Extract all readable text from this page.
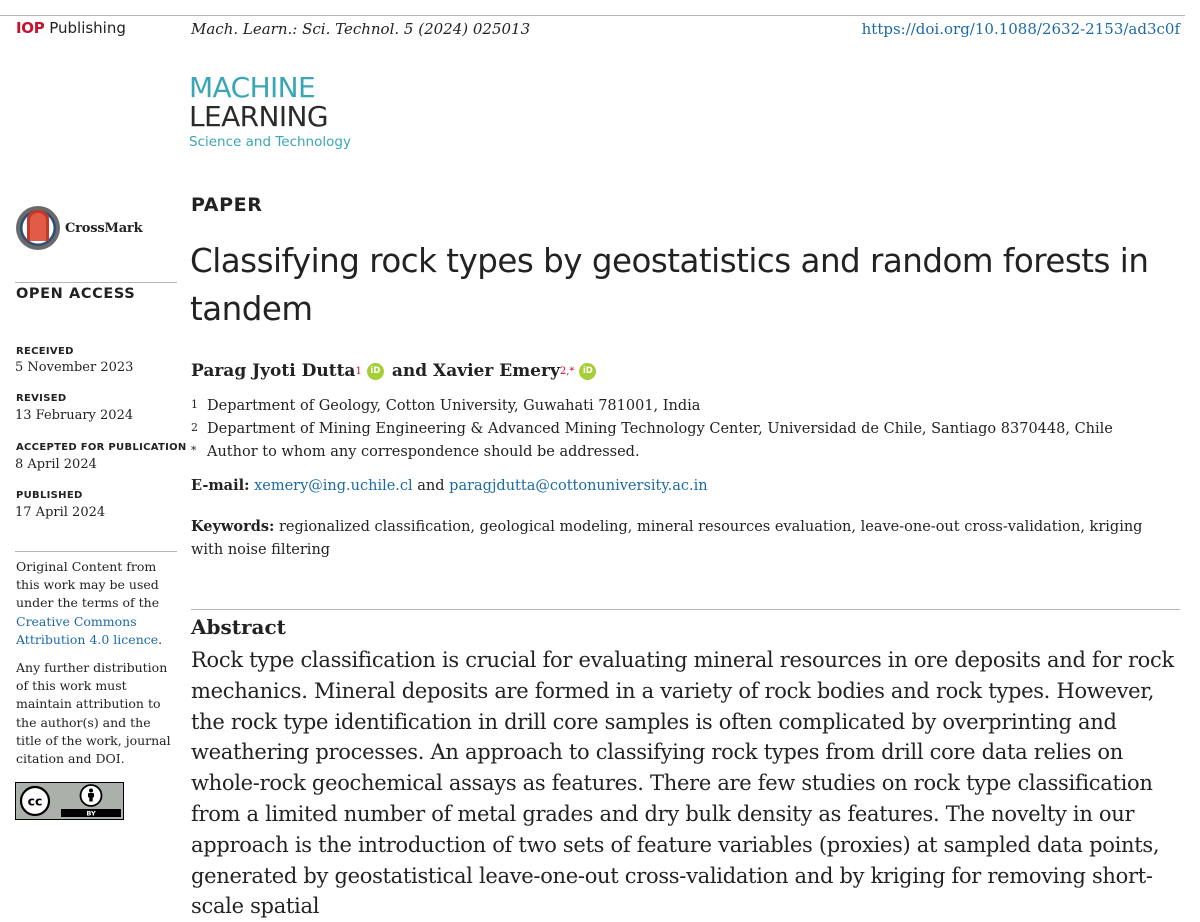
IOP Publishing	Mach. Learn.: Sci. Technol. 5 (2024) 025013	https://doi.org/10.1088/2632-2153/ad3c0f
MACHINE
LEARNING
Science and Technology
CrossMark
OPEN ACCESS
RECEIVED
5 November 2023
REVISED
13 February 2024
ACCEPTED FOR PUBLICATION
8 April 2024
PUBLISHED
17 April 2024
Original Content from this work may be used under the terms of the Creative Commons Attribution 4.0 licence.
Any further distribution of this work must maintain attribution to the author(s) and the title of the work, journal citation and DOI.
cc
BY
PAPER
Classifying rock types by geostatistics and random forests in tandem
Parag Jyoti Dutta 1	iD and
Xavier Emery 2,*	iD
1 Department of Geology, Cotton University, Guwahati 781001, India
2 Department of Mining Engineering & Advanced Mining Technology Center, Universidad de Chile, Santiago 8370448, Chile
* Author to whom any correspondence should be addressed.
E-mail: xemery@ing.uchile.cl and paragjdutta@cottonuniversity.ac.in
Keywords: regionalized classification, geological modeling, mineral resources evaluation, leave-one-out cross-validation, kriging with noise filtering
Abstract

Rock type classification is crucial for evaluating mineral resources in ore deposits and for rock mechanics. Mineral deposits are formed in a variety of rock bodies and rock types. However, the rock type identification in drill core samples is often complicated by overprinting and weathering processes. An approach to classifying rock types from drill core data relies on whole-rock geochemical assays as features. There are few studies on rock type classification from a limited number of metal grades and dry bulk density as features. The novelty in our approach is the introduction of two sets of feature variables (proxies) at sampled data points, generated by geostatistical leave-one-out cross-validation and by kriging for removing short-scale spatial
